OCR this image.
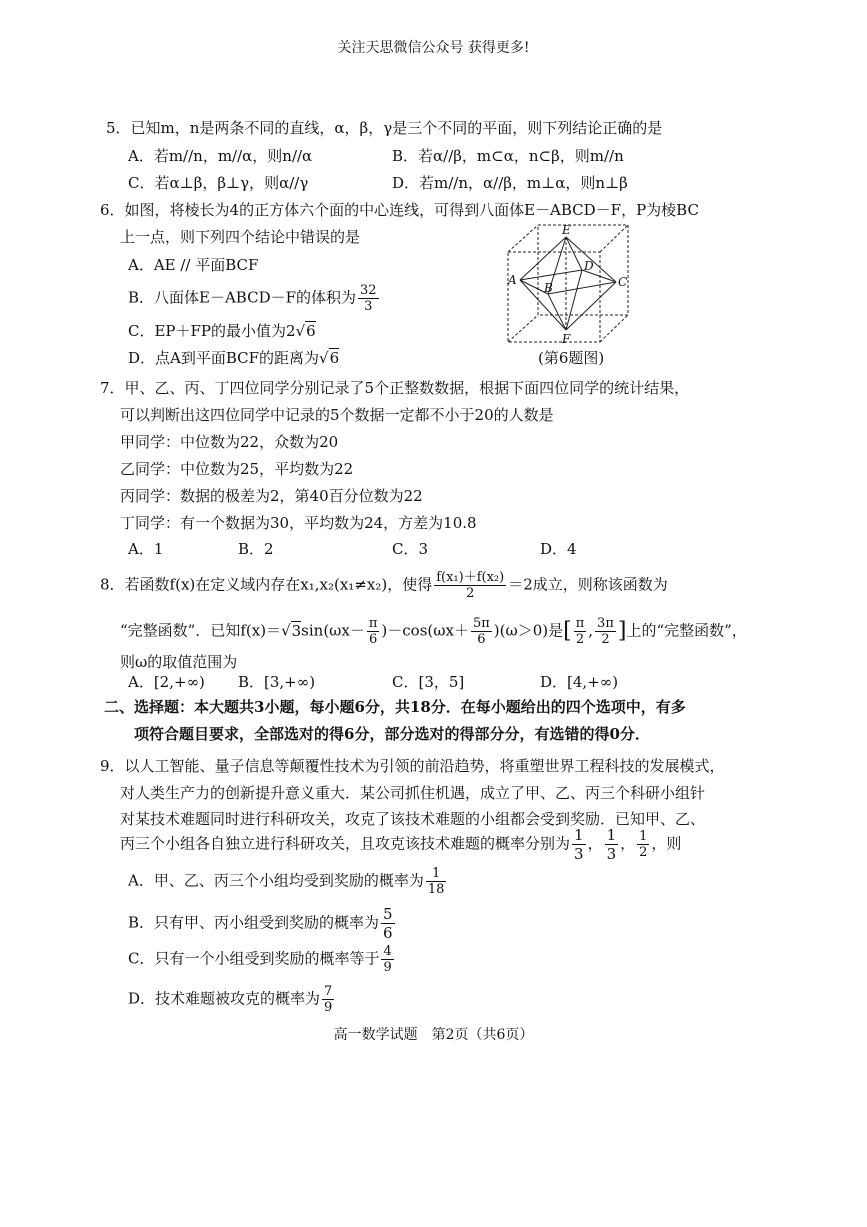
关注天思微信公众号 获得更多!
5．已知m，n是两条不同的直线，α，β，γ是三个不同的平面，则下列结论正确的是
A．若m//n，m//α，则n//α	B．若α//β，m⊂α，n⊂β，则m//n
C．若α⊥β，β⊥γ，则α//γ	D．若m//n，α//β，m⊥α，则n⊥β
6．如图，将棱长为4的正方体六个面的中心连线，可得到八面体E－ABCD－F，P为棱BC
上一点，则下列四个结论中错误的是
A．AE // 平面BCF
B．八面体E－ABCD－F的体积为 $\frac{32}{3}$
C．EP＋FP的最小值为2√6
D．点A到平面BCF的距离为√6
E
A
B	C
D
F
(第6题图)
7．甲、乙、丙、丁四位同学分别记录了5个正整数数据，根据下面四位同学的统计结果，
可以判断出这四位同学中记录的5个数据一定都不小于20的人数是
甲同学：中位数为22，众数为20
乙同学：中位数为25，平均数为22
丙同学：数据的极差为2，第40百分位数为22
丁同学：有一个数据为30，平均数为24，方差为10.8
A．1	B．2	C．3	D．4
8．若函数f(x)在定义域内存在x₁,x₂(x₁≠x₂)，使得 $\frac{\text{f(x₁)＋f(x₂)}}{2} =2$成立，则称该函数为
“完整函数”．已知$f(x)=√3\sin(\omega x- \frac{\pi}{6} )-\cos(\omega x+ \frac{5\pi}{6} )(\omega>0)$是[ $\frac{\pi}{2}$ , $\frac{3\pi}{2}$ ]上的“完整函数”，
则ω的取值范围为
A．[2,+∞) B．[3,+∞)	C．[3，5]	D．[4,+∞)
二、选择题：本大题共3小题，每小题6分，共18分．在每小题给出的四个选项中，有多
项符合题目要求，全部选对的得6分，部分选对的得部分分，有选错的得0分．
9．以人工智能、量子信息等颠覆性技术为引领的前沿趋势，将重塑世界工程科技的发展模式，
对人类生产力的创新提升意义重大．某公司抓住机遇，成立了甲、乙、丙三个科研小组针
对某技术难题同时进行科研攻关，攻克了该技术难题的小组都会受到奖励．已知甲、乙、
丙三个小组各自独立进行科研攻关，且攻克该技术难题的概率分别为 $\frac{1}{3}$ ， $\frac{1}{3}$ ， $\frac{1}{2}$ ，则
A．甲、乙、丙三个小组均受到奖励的概率为 $\frac{1}{18}$
B．只有甲、丙小组受到奖励的概率为 $\frac{5}{6}$
C．只有一个小组受到奖励的概率等于 $\frac{4}{9}$
D．技术难题被攻克的概率为 $\frac{7}{9}$
高一数学试题　第2页（共6页）
